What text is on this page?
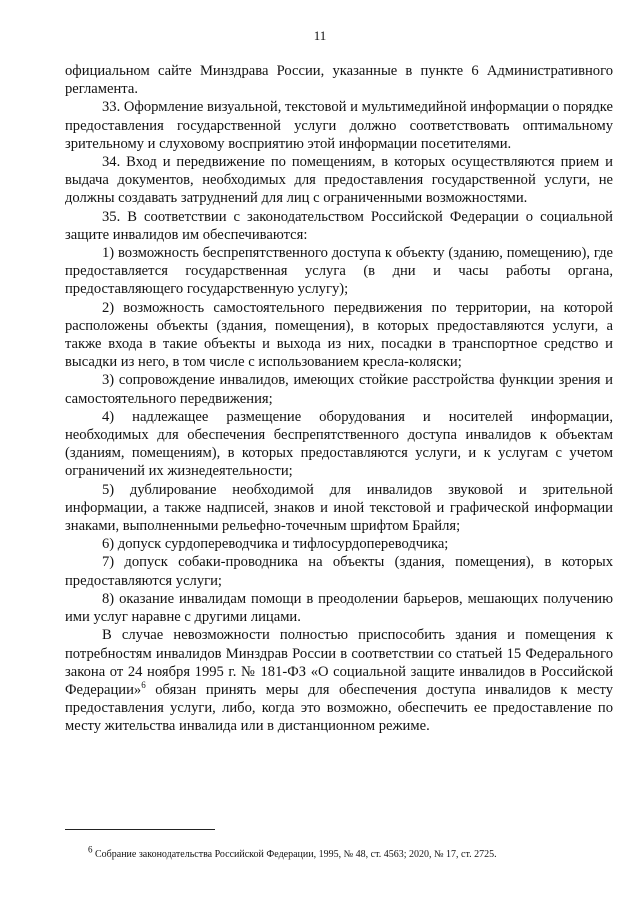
11

официальном сайте Минздрава России, указанные в пункте 6 Административного регламента.

33. Оформление визуальной, текстовой и мультимедийной информации о порядке предоставления государственной услуги должно соответствовать оптимальному зрительному и слуховому восприятию этой информации посетителями.

34. Вход и передвижение по помещениям, в которых осуществляются прием и выдача документов, необходимых для предоставления государственной услуги, не должны создавать затруднений для лиц с ограниченными возможностями.

35. В соответствии с законодательством Российской Федерации о социальной защите инвалидов им обеспечиваются:

1) возможность беспрепятственного доступа к объекту (зданию, помещению), где предоставляется государственная услуга (в дни и часы работы органа, предоставляющего государственную услугу);

2) возможность самостоятельного передвижения по территории, на которой расположены объекты (здания, помещения), в которых предоставляются услуги, а также входа в такие объекты и выхода из них, посадки в транспортное средство и высадки из него, в том числе с использованием кресла-коляски;

3) сопровождение инвалидов, имеющих стойкие расстройства функции зрения и самостоятельного передвижения;

4) надлежащее размещение оборудования и носителей информации, необходимых для обеспечения беспрепятственного доступа инвалидов к объектам (зданиям, помещениям), в которых предоставляются услуги, и к услугам с учетом ограничений их жизнедеятельности;

5) дублирование необходимой для инвалидов звуковой и зрительной информации, а также надписей, знаков и иной текстовой и графической информации знаками, выполненными рельефно-точечным шрифтом Брайля;

6) допуск сурдопереводчика и тифлосурдопереводчика;

7) допуск собаки-проводника на объекты (здания, помещения), в которых предоставляются услуги;

8) оказание инвалидам помощи в преодолении барьеров, мешающих получению ими услуг наравне с другими лицами.

В случае невозможности полностью приспособить здания и помещения к потребностям инвалидов Минздрав России в соответствии со статьей 15 Федерального закона от 24 ноября 1995 г. № 181-ФЗ «О социальной защите инвалидов в Российской Федерации»$^6$ обязан принять меры для обеспечения доступа инвалидов к месту предоставления услуги, либо, когда это возможно, обеспечить ее предоставление по месту жительства инвалида или в дистанционном режиме.

$^6$ Собрание законодательства Российской Федерации, 1995, № 48, ст. 4563; 2020, № 17, ст. 2725.
